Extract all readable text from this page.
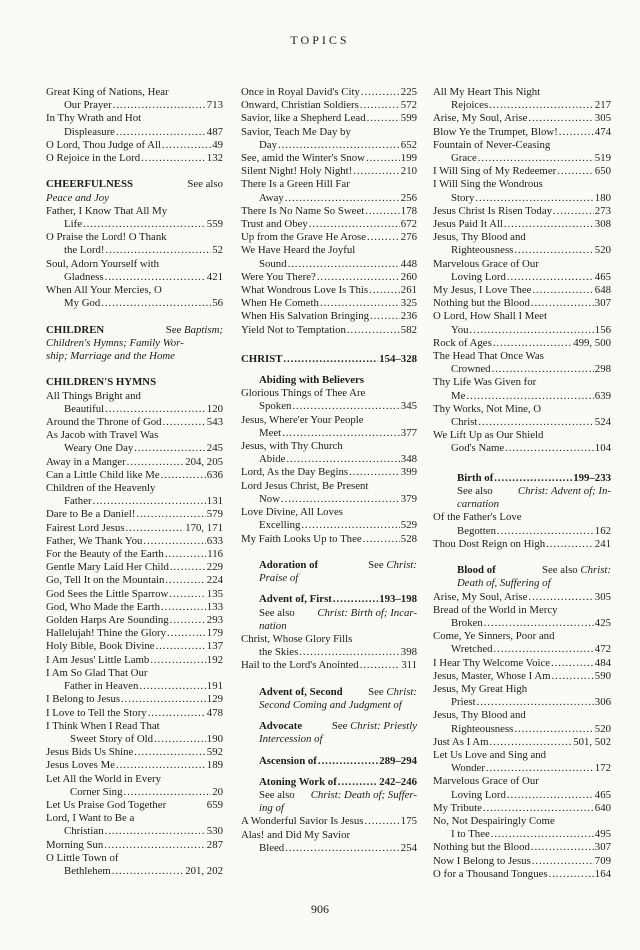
TOPICS
Great King of Nations, Hear
Our Prayer .....	713
In Thy Wrath and Hot
Displeasure .....	487
O Lord, Thou Judge of All .....	49
O Rejoice in the Lord .....	132
CHEERFULNESS	See also
Peace and Joy
Father, I Know That All My
Life .....	559
O Praise the Lord! O Thank
the Lord! .....	52
Soul, Adorn Yourself with
Gladness .....	421
When All Your Mercies, O
My God .....	56
CHILDREN	See Baptism;
Children's Hymns; Family Wor-
ship; Marriage and the Home
CHILDREN'S HYMNS
All Things Bright and
Beautiful .....	120
Around the Throne of God .....	543
As Jacob with Travel Was
Weary One Day .....	245
Away in a Manger .....	204, 205
Can a Little Child like Me .....	636
Children of the Heavenly
Father .....	131
Dare to Be a Daniel! .....	579
Fairest Lord Jesus .....	170, 171
Father, We Thank You .....	633
For the Beauty of the Earth .....	116
Gentle Mary Laid Her Child .....	229
Go, Tell It on the Mountain .....	224
God Sees the Little Sparrow .....	135
God, Who Made the Earth .....	133
Golden Harps Are Sounding .....	293
Hallelujah! Thine the Glory .....	179
Holy Bible, Book Divine .....	137
I Am Jesus' Little Lamb .....	192
I Am So Glad That Our
Father in Heaven .....	191
I Belong to Jesus .....	129
I Love to Tell the Story .....	478
I Think When I Read That
Sweet Story of Old .....	190
Jesus Bids Us Shine .....	592
Jesus Loves Me .....	189
Let All the World in Every
Corner Sing .....	20
Let Us Praise God Together	659
Lord, I Want to Be a
Christian .....	530
Morning Sun .....	287
O Little Town of
Bethlehem .....	201, 202
Once in Royal David's City .....	225
Onward, Christian Soldiers .....	572
Savior, like a Shepherd Lead .....	599
Savior, Teach Me Day by
Day .....	652
See, amid the Winter's Snow .....	199
Silent Night! Holy Night! .....	210
There Is a Green Hill Far
Away .....	256
There Is No Name So Sweet .....	178
Trust and Obey .....	672
Up from the Grave He Arose .....	276
We Have Heard the Joyful
Sound .....	448
Were You There? .....	260
What Wondrous Love Is This .....	261
When He Cometh .....	325
When His Salvation Bringing .....	236
Yield Not to Temptation .....	582
CHRIST .....	154–328
Abiding with Believers
Glorious Things of Thee Are
Spoken .....	345
Jesus, Where'er Your People
Meet .....	377
Jesus, with Thy Church
Abide .....	348
Lord, As the Day Begins .....	399
Lord Jesus Christ, Be Present
Now .....	379
Love Divine, All Loves
Excelling .....	529
My Faith Looks Up to Thee .....	528
Adoration of	See Christ:
Praise of
Advent of, First .....	193–198
See also
Christ: Birth of; Incar-
nation
Christ, Whose Glory Fills
the Skies .....	398
Hail to the Lord's Anointed .....	311
Advent of, Second See Christ:
Second Coming and Judgment of
Advocate	See Christ: Priestly
Intercession of
Ascension of .....	289–294
Atoning Work of .....	242–246
See also
Christ: Death of; Suffer-
ing of
A Wonderful Savior Is Jesus .....	175
Alas! and Did My Savior
Bleed .....	254
All My Heart This Night
Rejoices .....	217
Arise, My Soul, Arise .....	305
Blow Ye the Trumpet, Blow! .....	474
Fountain of Never-Ceasing
Grace .....	519
I Will Sing of My Redeemer .....	650
I Will Sing the Wondrous
Story .....	180
Jesus Christ Is Risen Today .....	273
Jesus Paid It All .....	308
Jesus, Thy Blood and
Righteousness .....	520
Marvelous Grace of Our
Loving Lord .....	465
My Jesus, I Love Thee .....	648
Nothing but the Blood .....	307
O Lord, How Shall I Meet
You .....	156
Rock of Ages .....	499, 500
The Head That Once Was
Crowned .....	298
Thy Life Was Given for
Me .....	639
Thy Works, Not Mine, O
Christ .....	524
We Lift Up as Our Shield
God's Name .....	104
Birth of .....	199–233
See also
Christ: Advent of; In-
carnation
Of the Father's Love
Begotten .....	162
Thou Dost Reign on High .....	241
Blood of	See also Christ:
Death of, Suffering of
Arise, My Soul, Arise .....	305
Bread of the World in Mercy
Broken .....	425
Come, Ye Sinners, Poor and
Wretched .....	472
I Hear Thy Welcome Voice .....	484
Jesus, Master, Whose I Am .....	590
Jesus, My Great High
Priest .....	306
Jesus, Thy Blood and
Righteousness .....	520
Just As I Am .....	501, 502
Let Us Love and Sing and
Wonder .....	172
Marvelous Grace of Our
Loving Lord .....	465
My Tribute .....	640
No, Not Despairingly Come
I to Thee .....	495
Nothing but the Blood .....	307
Now I Belong to Jesus .....	709
O for a Thousand Tongues .....	164
906
